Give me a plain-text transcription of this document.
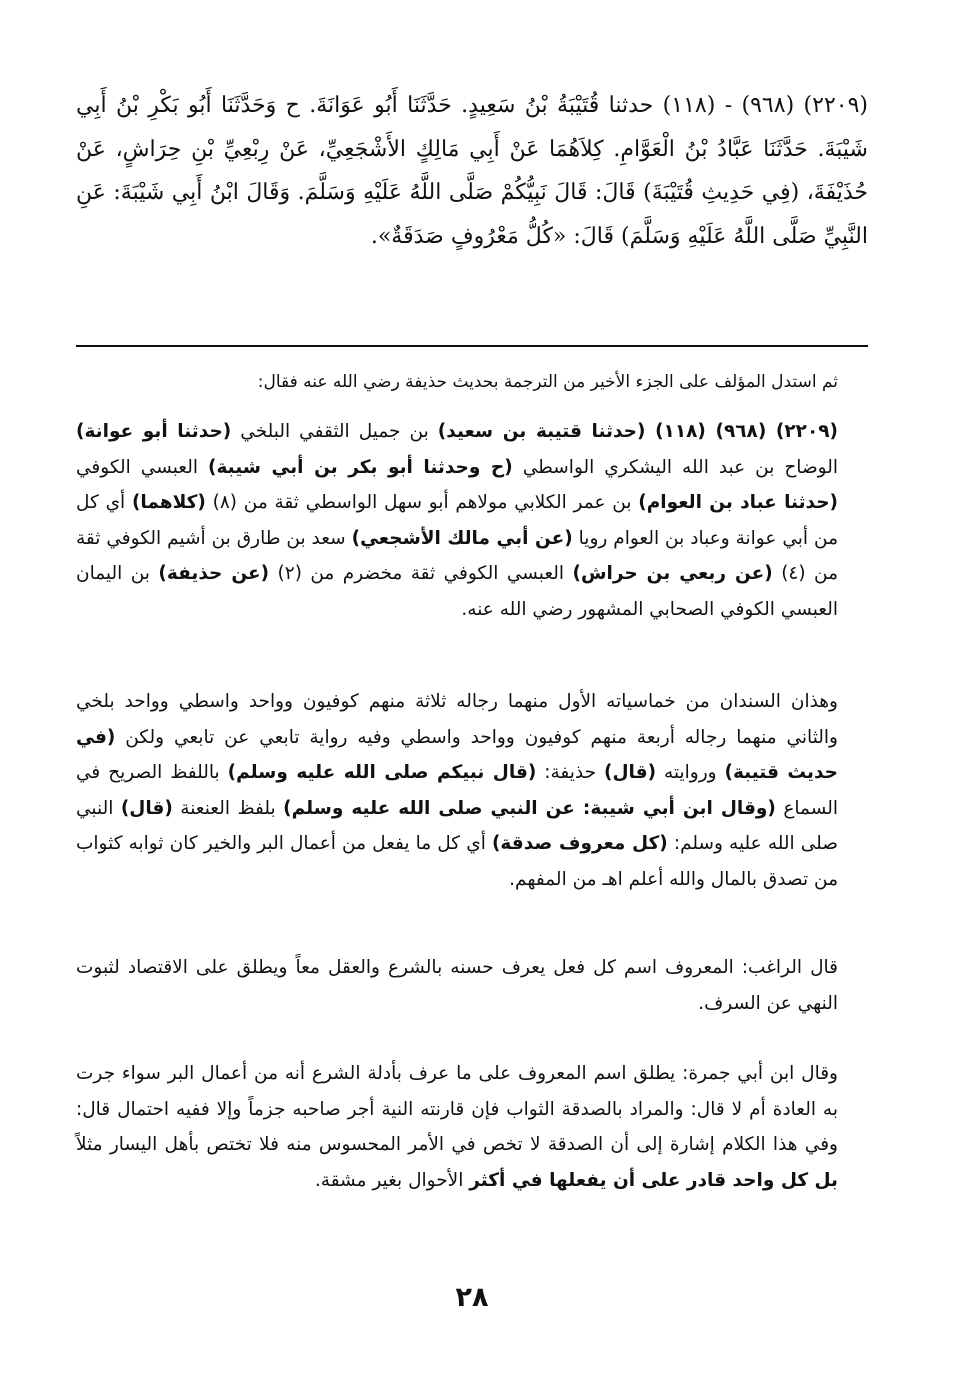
(٢٢٠٩) (٩٦٨) - (١١٨) حدثنا قُتَيْبَةُ بْنُ سَعِيدٍ. حَدَّثَنَا أَبُو عَوَانَةَ. ح وَحَدَّثَنَا أَبُو بَكْرِ بْنُ أَبِي شَيْبَةَ. حَدَّثَنَا عَبَّادُ بْنُ الْعَوَّامِ. كِلاَهُمَا عَنْ أَبِي مَالِكٍ الأَشْجَعِيِّ، عَنْ رِبْعِيِّ بْنِ حِرَاشٍ، عَنْ حُذَيْفَةَ، (فِي حَدِيثِ قُتَيْبَةَ) قَالَ: قَالَ نَبِيُّكُمْ صَلَّى اللَّهُ عَلَيْهِ وَسَلَّمَ. وَقَالَ ابْنُ أَبِي شَيْبَةَ: عَنِ النَّبِيِّ صَلَّى اللَّهُ عَلَيْهِ وَسَلَّمَ) قَالَ: «كُلُّ مَعْرُوفٍ صَدَقَةٌ».

ثم استدل المؤلف على الجزء الأخير من الترجمة بحديث حذيفة رضي الله عنه فقال:

(٢٢٠٩) (٩٦٨) (١١٨) (حدثنا قتيبة بن سعيد) بن جميل الثقفي البلخي (حدثنا أبو عوانة) الوضاح بن عبد الله اليشكري الواسطي (ح وحدثنا أبو بكر بن أبي شيبة) العبسي الكوفي (حدثنا عباد بن العوام) بن عمر الكلابي مولاهم أبو سهل الواسطي ثقة من (٨) (كلاهما) أي كل من أبي عوانة وعباد بن العوام رويا (عن أبي مالك الأشجعي) سعد بن طارق بن أشيم الكوفي ثقة من (٤) (عن ربعي بن حراش) العبسي الكوفي ثقة مخضرم من (٢) (عن حذيفة) بن اليمان العبسي الكوفي الصحابي المشهور رضي الله عنه.

وهذان السندان من خماسياته الأول منهما رجاله ثلاثة منهم كوفيون وواحد واسطي وواحد بلخي والثاني منهما رجاله أربعة منهم كوفيون وواحد واسطي وفيه رواية تابعي عن تابعي ولكن (في حديث قتيبة) وروايته (قال) حذيفة: (قال نبيكم صلى الله عليه وسلم) باللفظ الصريح في السماع (وقال ابن أبي شيبة: عن النبي صلى الله عليه وسلم) بلفظ العنعنة (قال) النبي صلى الله عليه وسلم: (كل معروف صدقة) أي كل ما يفعل من أعمال البر والخير كان ثوابه كثواب من تصدق بالمال والله أعلم اهـ من المفهم.

قال الراغب: المعروف اسم كل فعل يعرف حسنه بالشرع والعقل معاً ويطلق على الاقتصاد لثبوت النهي عن السرف.

وقال ابن أبي جمرة: يطلق اسم المعروف على ما عرف بأدلة الشرع أنه من أعمال البر سواء جرت به العادة أم لا قال: والمراد بالصدقة الثواب فإن قارنته النية أجر صاحبه جزماً وإلا ففيه احتمال قال: وفي هذا الكلام إشارة إلى أن الصدقة لا تخص في الأمر المحسوس منه فلا تختص بأهل اليسار مثلاً بل كل واحد قادر على أن يفعلها في أكثر الأحوال بغير مشقة.

٢٨
